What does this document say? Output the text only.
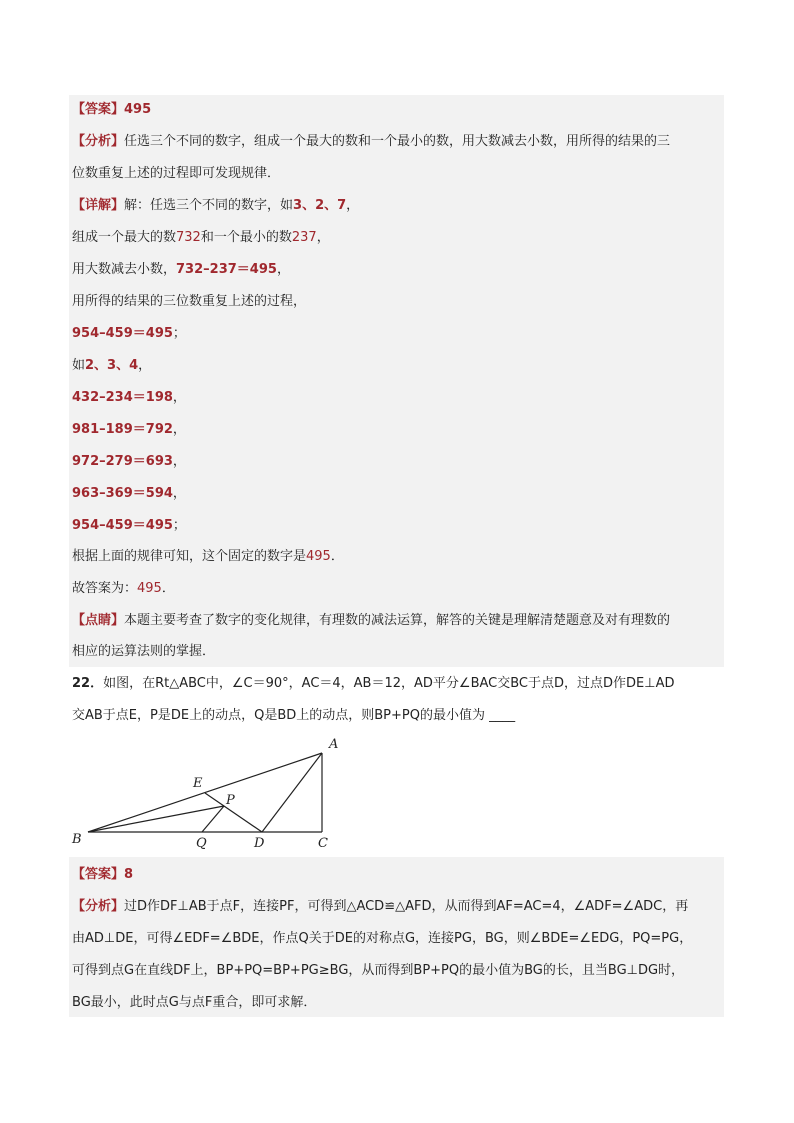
【答案】495
【分析】任选三个不同的数字，组成一个最大的数和一个最小的数，用大数减去小数，用所得的结果的三
位数重复上述的过程即可发现规律．
【详解】解：任选三个不同的数字，如3、2、7，
组成一个最大的数732和一个最小的数237，
用大数减去小数，732–237＝495，
用所得的结果的三位数重复上述的过程，
954–459＝495；
如2、3、4，
432–234＝198，
981–189＝792，
972–279＝693，
963–369＝594，
954–459＝495；
根据上面的规律可知，这个固定的数字是495．
故答案为：495．
【点睛】本题主要考查了数字的变化规律，有理数的减法运算，解答的关键是理解清楚题意及对有理数的
相应的运算法则的掌握．
22．如图，在Rt△ABC中，∠C＝90°，AC＝4，AB＝12，AD平分∠BAC交BC于点D，过点D作DE⊥AD
交AB于点E，P是DE上的动点，Q是BD上的动点，则BP+PQ的最小值为 ____
A
B	C
D
E
P
Q
【答案】8
【分析】过D作DF⊥AB于点F，连接PF，可得到△ACD≌△AFD，从而得到AF=AC=4，∠ADF=∠ADC，再
由AD⊥DE，可得∠EDF=∠BDE，作点Q关于DE的对称点G，连接PG，BG，则∠BDE=∠EDG，PQ=PG，
可得到点G在直线DF上，BP+PQ=BP+PG≥BG，从而得到BP+PQ的最小值为BG的长，且当BG⊥DG时，
BG最小，此时点G与点F重合，即可求解．
